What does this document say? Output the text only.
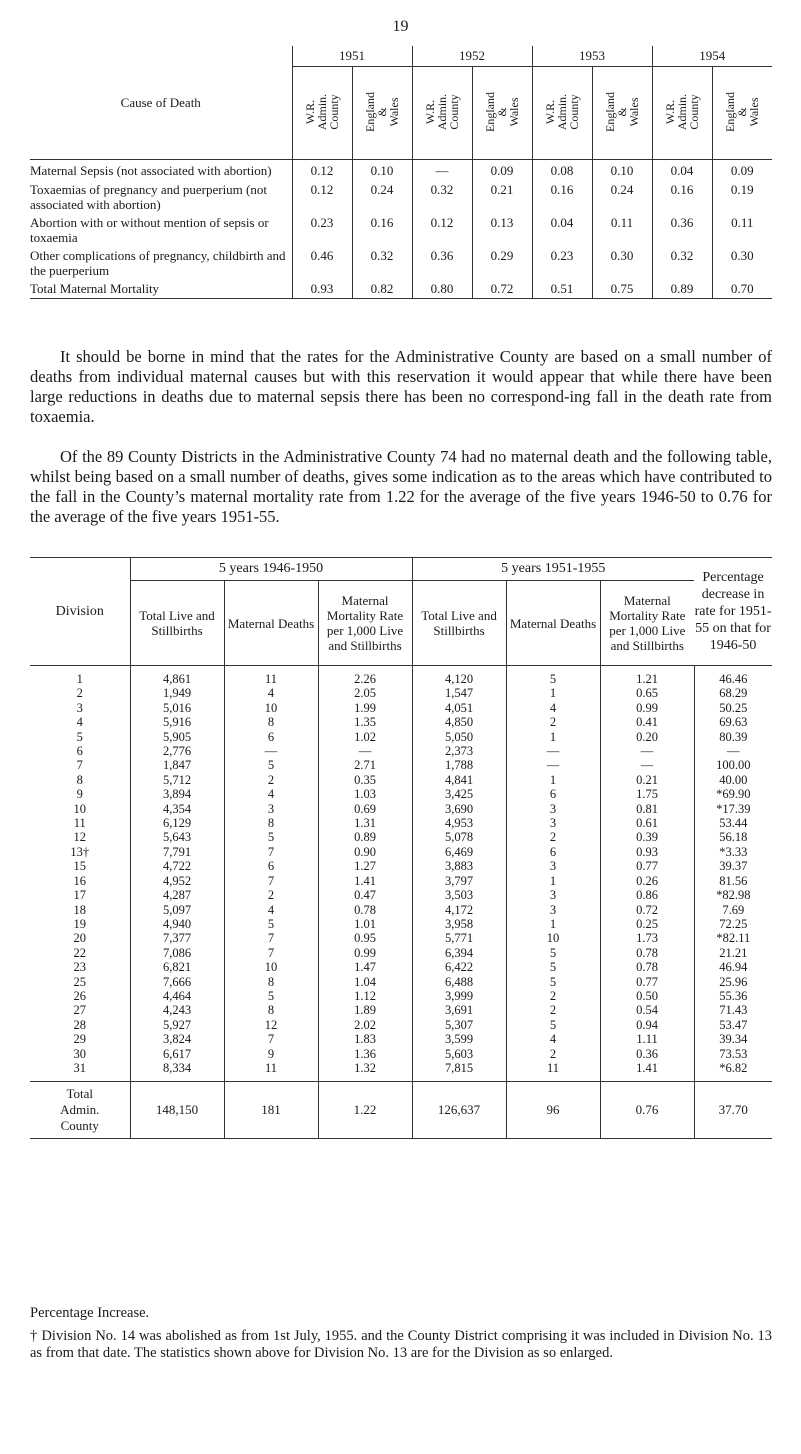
19
Cause of Death	1951		1952		1953		1954	
	W.R.
Admin.
County	England
&
Wales	W.R.
Admin.
County	England
&
Wales	W.R.
Admin.
County	England
&
Wales	W.R.
Admin.
County	England
&
Wales
Maternal Sepsis (not associated with abortion)	0.12	0.10	—	0.09	0.08	0.10	0.04	0.09
Toxaemias of pregnancy and puerperium (not associated with abortion)	0.12	0.24	0.32	0.21	0.16	0.24	0.16	0.19
Abortion with or without mention of sepsis or toxaemia	0.23	0.16	0.12	0.13	0.04	0.11	0.36	0.11
Other complications of pregnancy, childbirth and the puerperium	0.46	0.32	0.36	0.29	0.23	0.30	0.32	0.30
Total Maternal Mortality	0.93	0.82	0.80	0.72	0.51	0.75	0.89	0.70

It should be borne in mind that the rates for the Administrative County are based on a small number of deaths from individual maternal causes but with this reservation it would appear that while there have been large reductions in deaths due to maternal sepsis there has been no correspond-ing fall in the death rate from toxaemia.

Of the 89 County Districts in the Administrative County 74 had no maternal death and the following table, whilst being based on a small number of deaths, gives some indication as to the areas which have contributed to the fall in the County’s maternal mortality rate from 1.22 for the average of the five years 1946-50 to 0.76 for the average of the five years 1951-55.

Division	5 years 1946-1950			5 years 1951-1955			Percentage decrease in rate for 1951-55 on that for 1946-50
	Total Live and Stillbirths	Maternal Deaths	Maternal Mortality Rate per 1,000 Live and Stillbirths	Total Live and Stillbirths	Maternal Deaths	Maternal Mortality Rate per 1,000 Live and Stillbirths	
1	4,861	11	2.26	4,120	5	1.21	46.46
2	1,949	4	2.05	1,547	1	0.65	68.29
3	5,016	10	1.99	4,051	4	0.99	50.25
4	5,916	8	1.35	4,850	2	0.41	69.63
5	5,905	6	1.02	5,050	1	0.20	80.39
6	2,776	—	—	2,373	—	—	—
7	1,847	5	2.71	1,788	—	—	100.00
8	5,712	2	0.35	4,841	1	0.21	40.00
9	3,894	4	1.03	3,425	6	1.75	*69.90
10	4,354	3	0.69	3,690	3	0.81	*17.39
11	6,129	8	1.31	4,953	3	0.61	53.44
12	5,643	5	0.89	5,078	2	0.39	56.18
13†	7,791	7	0.90	6,469	6	0.93	*3.33
15	4,722	6	1.27	3,883	3	0.77	39.37
16	4,952	7	1.41	3,797	1	0.26	81.56
17	4,287	2	0.47	3,503	3	0.86	*82.98
18	5,097	4	0.78	4,172	3	0.72	7.69
19	4,940	5	1.01	3,958	1	0.25	72.25
20	7,377	7	0.95	5,771	10	1.73	*82.11
22	7,086	7	0.99	6,394	5	0.78	21.21
23	6,821	10	1.47	6,422	5	0.78	46.94
25	7,666	8	1.04	6,488	5	0.77	25.96
26	4,464	5	1.12	3,999	2	0.50	55.36
27	4,243	8	1.89	3,691	2	0.54	71.43
28	5,927	12	2.02	5,307	5	0.94	53.47
29	3,824	7	1.83	3,599	4	1.11	39.34
30	6,617	9	1.36	5,603	2	0.36	73.53
31	8,334	11	1.32	7,815	11	1.41	*6.82
Total Admin. County	148,150	181	1.22	126,637	96	0.76	37.70

Percentage Increase.

† Division No. 14 was abolished as from 1st July, 1955. and the County District comprising it was included in Division No. 13 as from that date. The statistics shown above for Division No. 13 are for the Division as so enlarged.
